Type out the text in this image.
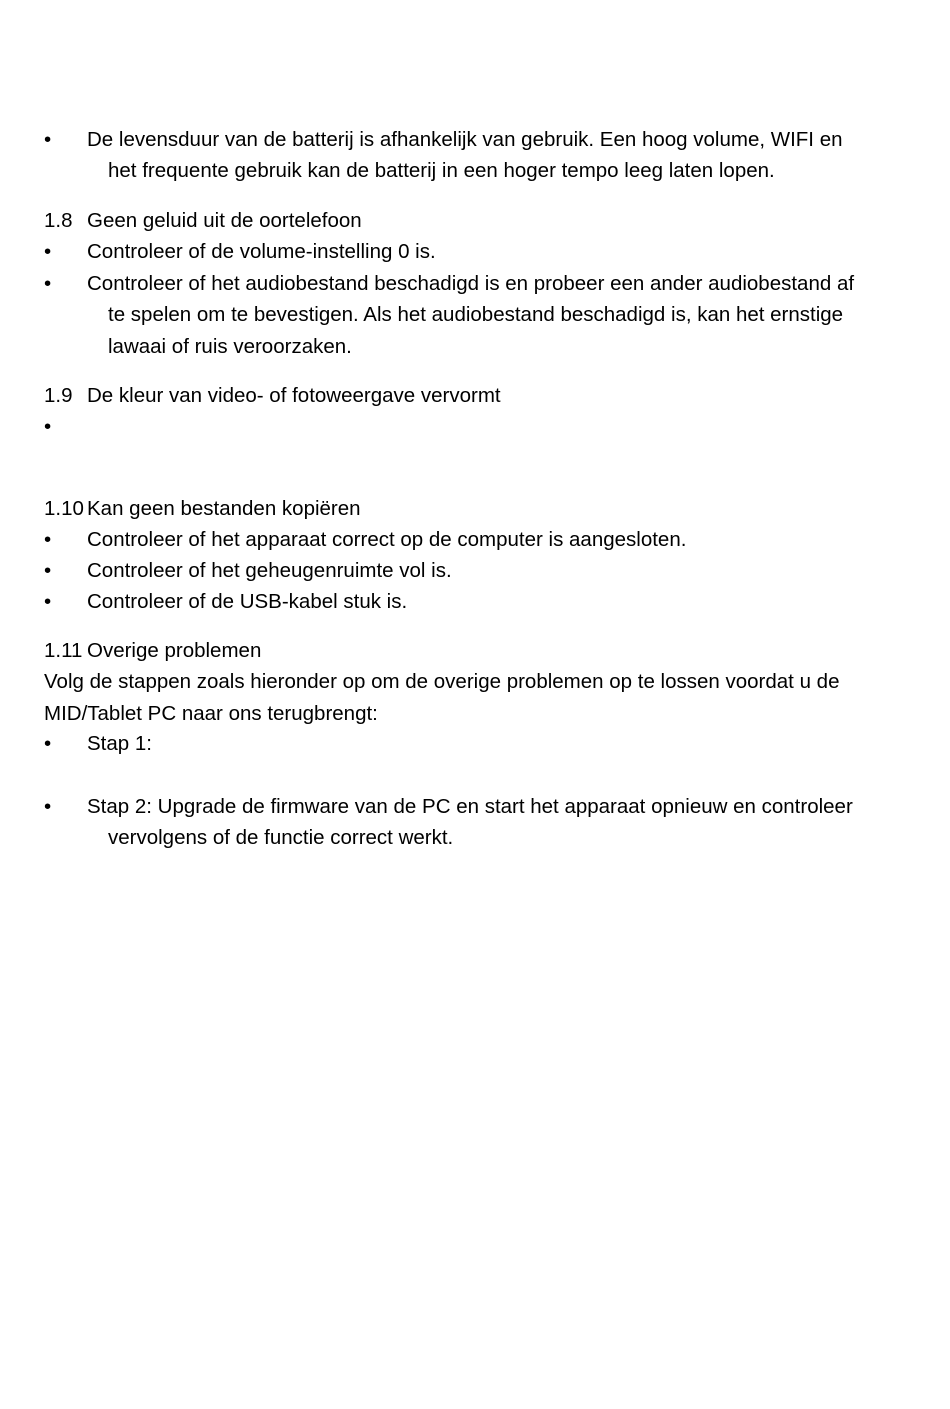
• De levensduur van de batterij is afhankelijk van gebruik. Een hoog volume, WIFI en
het frequente gebruik kan de batterij in een hoger tempo leeg laten lopen.
1.8 Geen geluid uit de oortelefoon
• Controleer of de volume-instelling 0 is.
• Controleer of het audiobestand beschadigd is en probeer een ander audiobestand af
te spelen om te bevestigen. Als het audiobestand beschadigd is, kan het ernstige
lawaai of ruis veroorzaken.
1.9 De kleur van video- of fotoweergave vervormt
•
1.10 Kan geen bestanden kopiëren
• Controleer of het apparaat correct op de computer is aangesloten.
• Controleer of het geheugenruimte vol is.
• Controleer of de USB-kabel stuk is.
1.11 Overige problemen
Volg de stappen zoals hieronder op om de overige problemen op te lossen voordat u de
MID/Tablet PC naar ons terugbrengt:
• Stap 1:
• Stap 2: Upgrade de firmware van de PC en start het apparaat opnieuw en controleer
vervolgens of de functie correct werkt.
